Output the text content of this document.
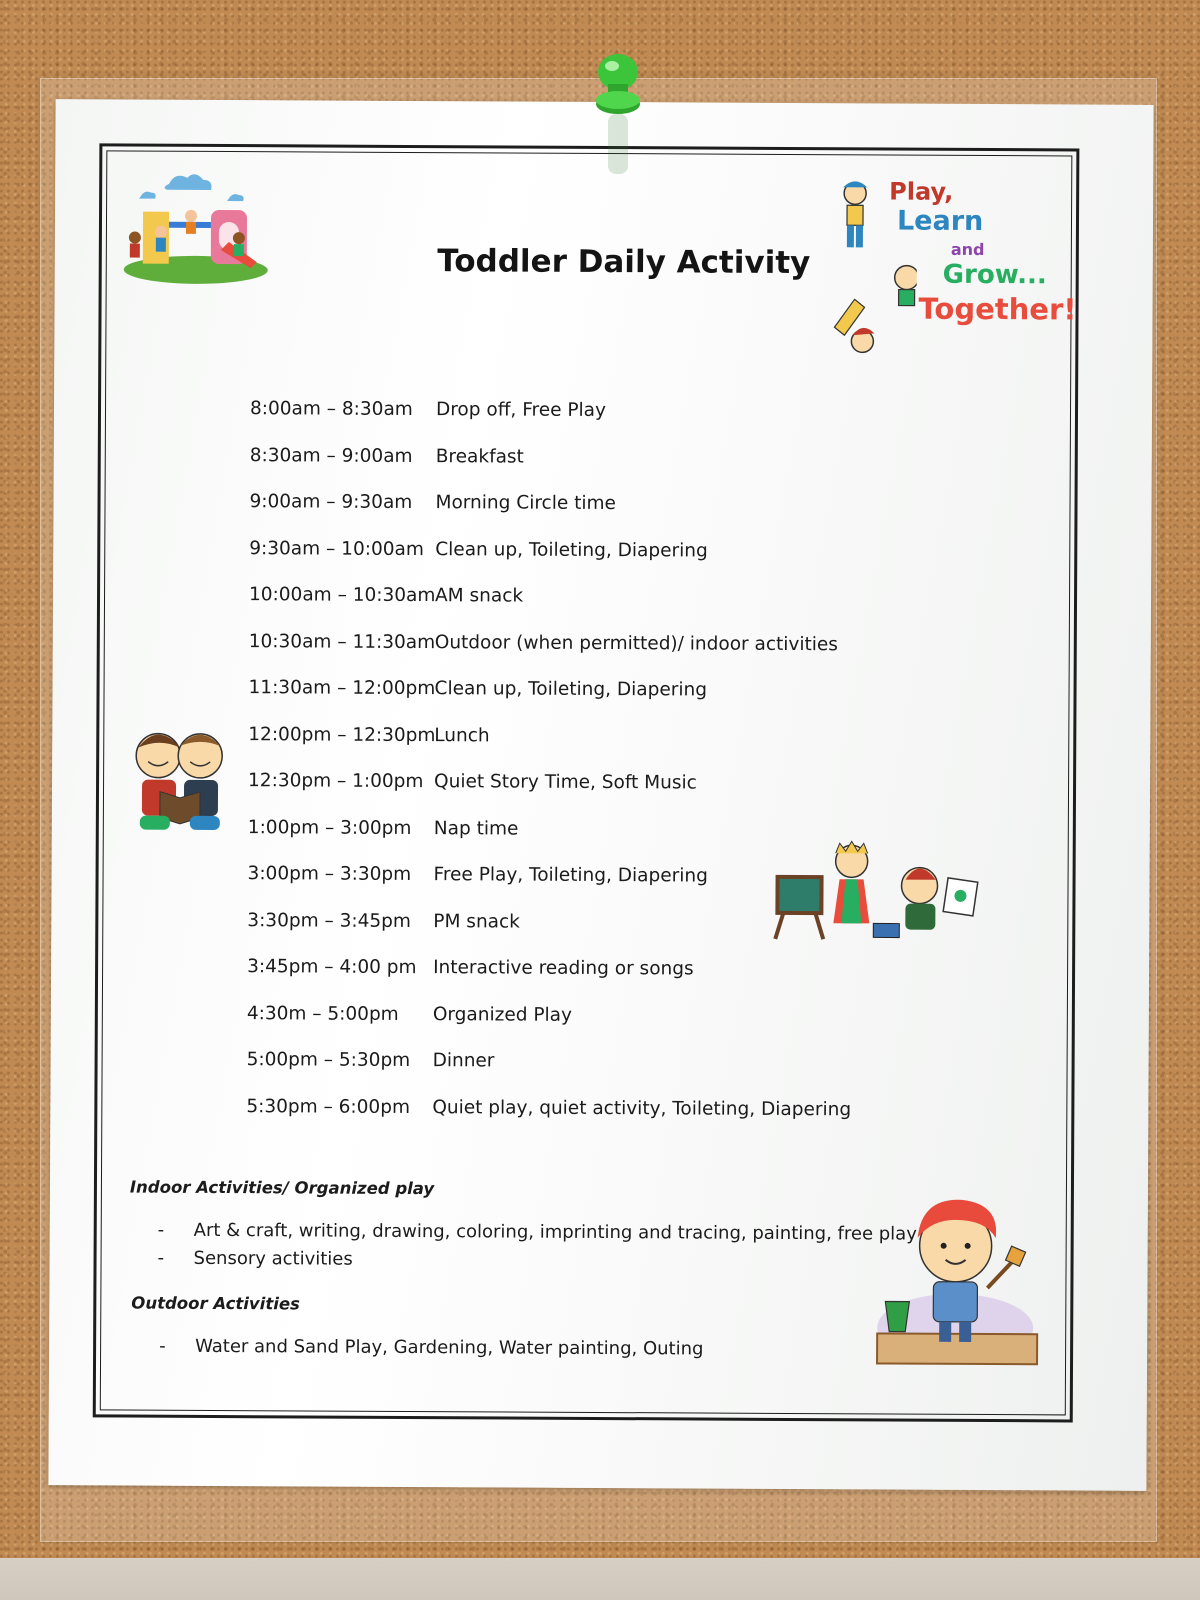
Toddler Daily Activity
Play,
Learn
and
Grow...
Together!
8:00am – 8:30am Drop off, Free Play
8:30am – 9:00am Breakfast
9:00am – 9:30am Morning Circle time
9:30am – 10:00am Clean up, Toileting, Diapering
10:00am – 10:30am AM snack
10:30am – 11:30am Outdoor (when permitted)/ indoor activities
11:30am – 12:00pm Clean up, Toileting, Diapering
12:00pm – 12:30pm
Lunch
12:30pm – 1:00pm Quiet Story Time, Soft Music
1:00pm – 3:00pm Nap time
3:00pm – 3:30pm Free Play, Toileting, Diapering
3:30pm – 3:45pm PM snack
3:45pm – 4:00 pm Interactive reading or songs
4:30m – 5:00pm Organized Play
5:00pm – 5:30pm Dinner
5:30pm – 6:00pm Quiet play, quiet activity, Toileting, Diapering
Indoor Activities/ Organized play
- Art & craft, writing, drawing, coloring, imprinting and tracing, painting, free play
- Sensory activities
Outdoor Activities
- Water and Sand Play, Gardening, Water painting, Outing
